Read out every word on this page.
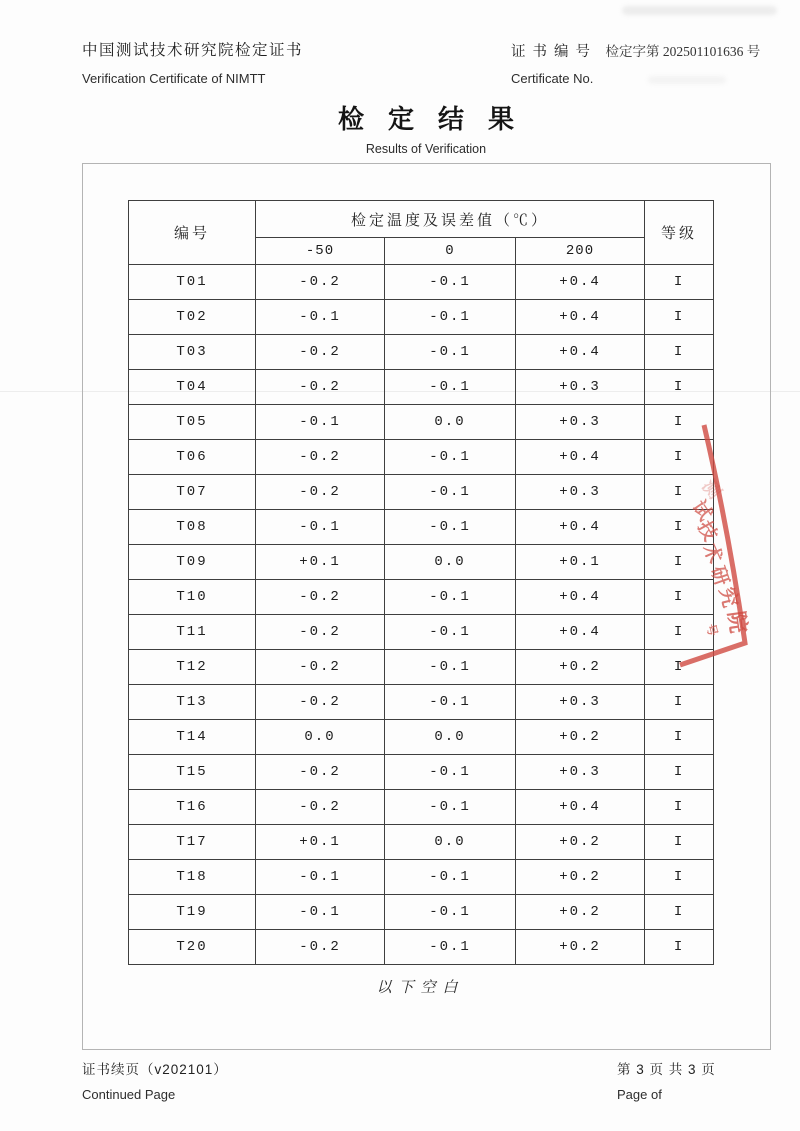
中国测试技术研究院检定证书
Verification Certificate of NIMTT
证书编号 检定字第 202501101636 号
Certificate No.
检定结果
Results of Verification
编号	检定温度及误差值（℃）			等级
	-50	0	200	
T01	-0.2	-0.1	+0.4	I
T02	-0.1	-0.1	+0.4	I
T03	-0.2	-0.1	+0.4	I
T04	-0.2	-0.1	+0.3	I
T05	-0.1	0.0	+0.3	I
T06	-0.2	-0.1	+0.4	I
T07	-0.2	-0.1	+0.3	I
T08	-0.1	-0.1	+0.4	I
T09	+0.1	0.0	+0.1	I
T10	-0.2	-0.1	+0.4	I
T11	-0.2	-0.1	+0.4	I
T12	-0.2	-0.1	+0.2	I
T13	-0.2	-0.1	+0.3	I
T14	0.0	0.0	+0.2	I
T15	-0.2	-0.1	+0.3	I
T16	-0.2	-0.1	+0.4	I
T17	+0.1	0.0	+0.2	I
T18	-0.1	-0.1	+0.2	I
T19	-0.1	-0.1	+0.2	I
T20	-0.2	-0.1	+0.2	I
以下空白
测
试
技
术
研
究
院
号
证书续页（v202101）
Continued Page
第 3 页 共 3 页
Page of
